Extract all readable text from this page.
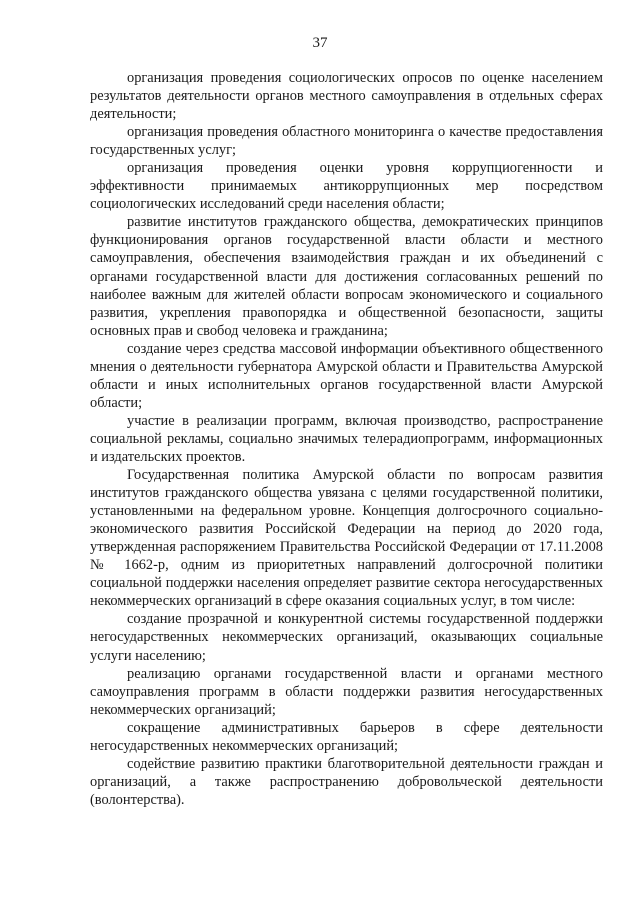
37

организация проведения социологических опросов по оценке населением результатов деятельности органов местного самоуправления в отдельных сферах деятельности;

организация проведения областного мониторинга о качестве предоставления государственных услуг;

организация проведения оценки уровня коррупциогенности и эффективности принимаемых антикоррупционных мер посредством социологических исследований среди населения области;

развитие институтов гражданского общества, демократических принципов функционирования органов государственной власти области и местного самоуправления, обеспечения взаимодействия граждан и их объединений с органами государственной власти для достижения согласованных решений по наиболее важным для жителей области вопросам экономического и социального развития, укрепления правопорядка и общественной безопасности, защиты основных прав и свобод человека и гражданина;

создание через средства массовой информации объективного общественного мнения о деятельности губернатора Амурской области и Правительства Амурской области и иных исполнительных органов государственной власти Амурской области;

участие в реализации программ, включая производство, распространение социальной рекламы, социально значимых телерадиопрограмм, информационных и издательских проектов.

Государственная политика Амурской области по вопросам развития институтов гражданского общества увязана с целями государственной политики, установленными на федеральном уровне. Концепция долгосрочного социально-экономического развития Российской Федерации на период до 2020 года, утвержденная распоряжением Правительства Российской Федерации от 17.11.2008 № 1662-р, одним из приоритетных направлений долгосрочной политики социальной поддержки населения определяет развитие сектора негосударственных некоммерческих организаций в сфере оказания социальных услуг, в том числе:

создание прозрачной и конкурентной системы государственной поддержки негосударственных некоммерческих организаций, оказывающих социальные услуги населению;

реализацию органами государственной власти и органами местного самоуправления программ в области поддержки развития негосударственных некоммерческих организаций;

сокращение административных барьеров в сфере деятельности негосударственных некоммерческих организаций;

содействие развитию практики благотворительной деятельности граждан и организаций, а также распространению добровольческой деятельности (волонтерства).
